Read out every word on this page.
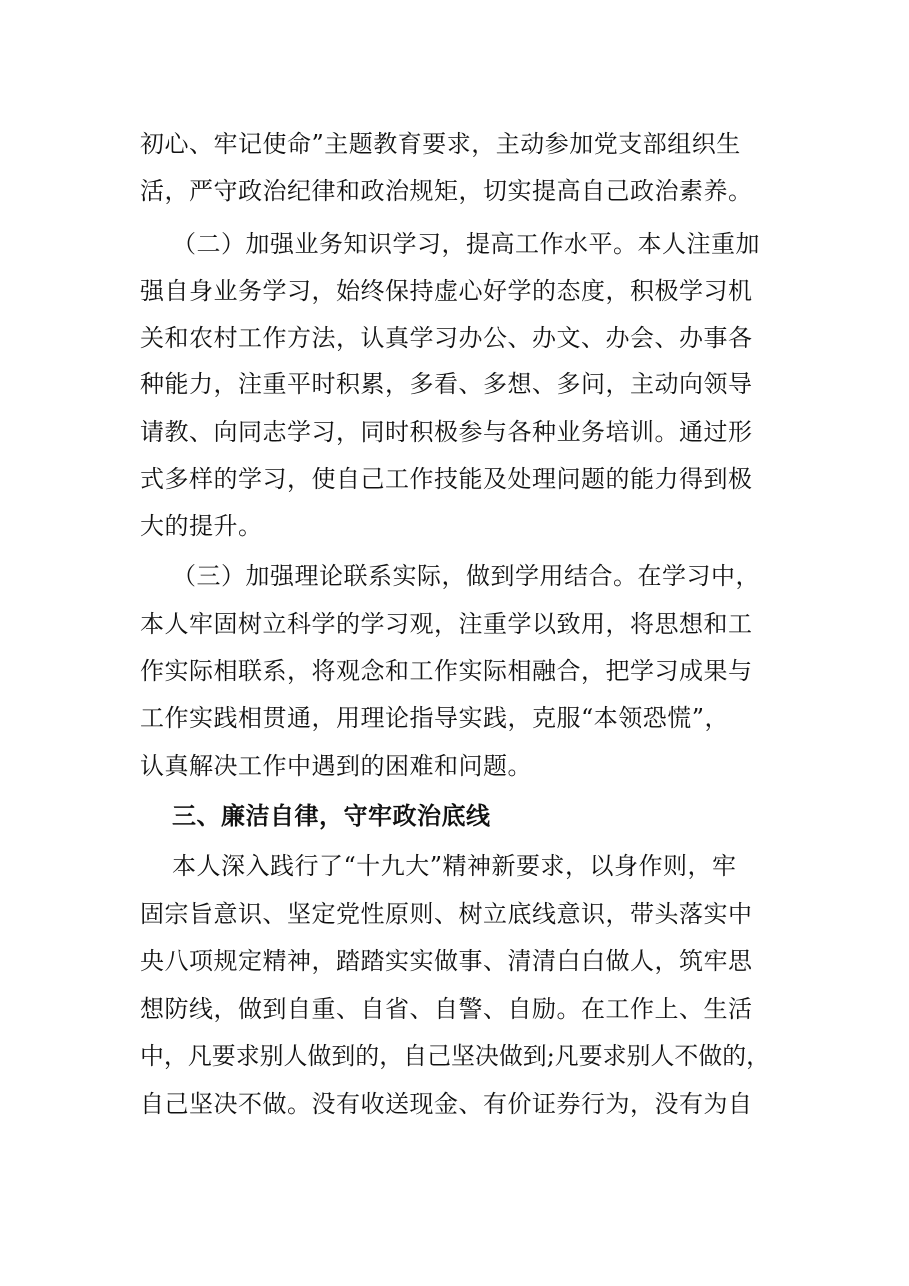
初心、牢记使命”主题教育要求，主动参加党支部组织生
活，严守政治纪律和政治规矩，切实提高自己政治素养。
（二）加强业务知识学习，提高工作水平。本人注重加
强自身业务学习，始终保持虚心好学的态度，积极学习机
关和农村工作方法，认真学习办公、办文、办会、办事各
种能力，注重平时积累，多看、多想、多问，主动向领导
请教、向同志学习，同时积极参与各种业务培训。通过形
式多样的学习，使自己工作技能及处理问题的能力得到极
大的提升。
（三）加强理论联系实际，做到学用结合。在学习中，
本人牢固树立科学的学习观，注重学以致用，将思想和工
作实际相联系，将观念和工作实际相融合，把学习成果与
工作实践相贯通，用理论指导实践，克服“本领恐慌”，
认真解决工作中遇到的困难和问题。
三、廉洁自律，守牢政治底线
本人深入践行了“十九大”精神新要求，以身作则，牢
固宗旨意识、坚定党性原则、树立底线意识，带头落实中
央八项规定精神，踏踏实实做事、清清白白做人，筑牢思
想防线，做到自重、自省、自警、自励。在工作上、生活
中，凡要求别人做到的，自己坚决做到;凡要求别人不做的，
自己坚决不做。没有收送现金、有价证券行为，没有为自
